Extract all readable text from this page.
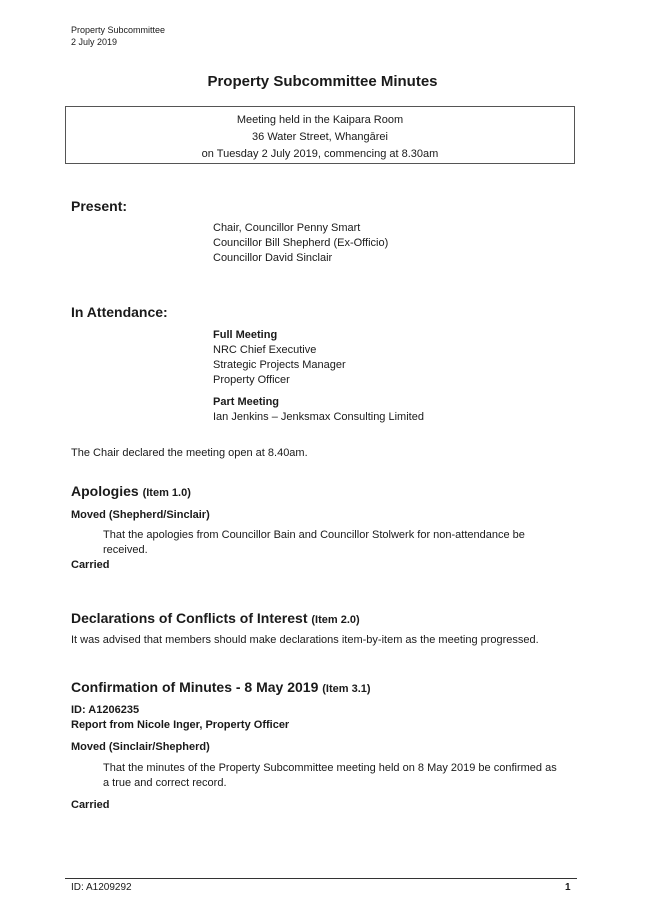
Property Subcommittee
2 July 2019
Property Subcommittee Minutes
Meeting held in the Kaipara Room
36 Water Street, Whangārei
on Tuesday 2 July 2019, commencing at 8.30am
Present:
Chair, Councillor Penny Smart
Councillor Bill Shepherd (Ex-Officio)
Councillor David Sinclair
In Attendance:
Full Meeting
NRC Chief Executive
Strategic Projects Manager
Property Officer
Part Meeting
Ian Jenkins – Jenksmax Consulting Limited
The Chair declared the meeting open at 8.40am.
Apologies (Item 1.0)
Moved (Shepherd/Sinclair)
That the apologies from Councillor Bain and Councillor Stolwerk for non-attendance be
received.
Carried
Declarations of Conflicts of Interest (Item 2.0)
It was advised that members should make declarations item-by-item as the meeting progressed.
Confirmation of Minutes - 8 May 2019 (Item 3.1)
ID: A1206235
Report from Nicole Inger, Property Officer
Moved (Sinclair/Shepherd)
That the minutes of the Property Subcommittee meeting held on 8 May 2019 be confirmed as
a true and correct record.
Carried
ID: A1209292	1
